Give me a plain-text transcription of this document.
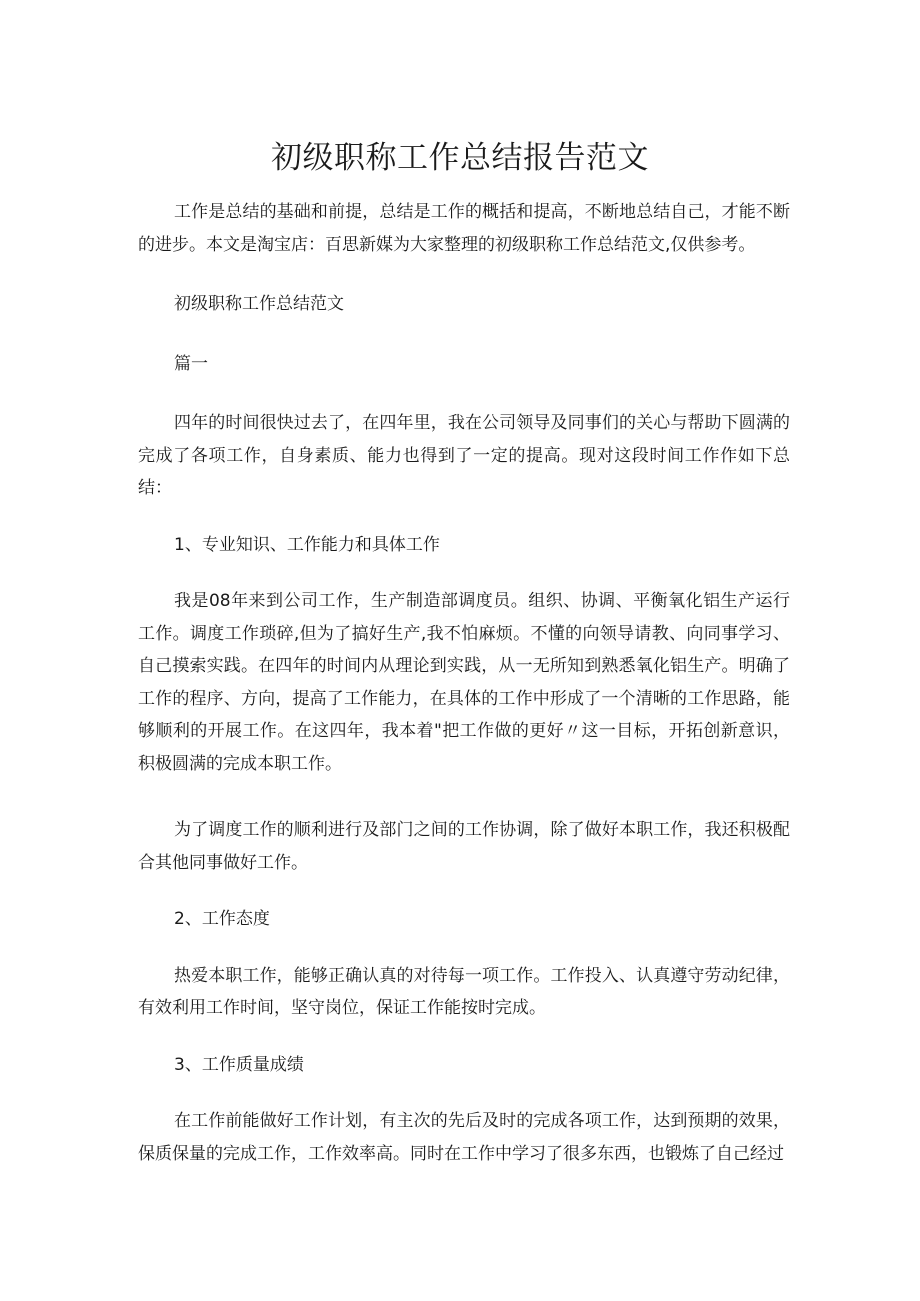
初级职称工作总结报告范文

工作是总结的基础和前提，总结是工作的概括和提高，不断地总结自己，才能不断的进步。本文是淘宝店：百思新媒为大家整理的初级职称工作总结范文,仅供参考。

初级职称工作总结范文

篇一

四年的时间很快过去了，在四年里，我在公司领导及同事们的关心与帮助下圆满的完成了各项工作，自身素质、能力也得到了一定的提高。现对这段时间工作作如下总结：

1、专业知识、工作能力和具体工作

我是08年来到公司工作，生产制造部调度员。组织、协调、平衡氧化铝生产运行工作。调度工作琐碎,但为了搞好生产,我不怕麻烦。不懂的向领导请教、向同事学习、自己摸索实践。在四年的时间内从理论到实践，从一无所知到熟悉氧化铝生产。明确了工作的程序、方向，提高了工作能力，在具体的工作中形成了一个清晰的工作思路，能够顺利的开展工作。在这四年，我本着"把工作做的更好〃这一目标，开拓创新意识，积极圆满的完成本职工作。

为了调度工作的顺利进行及部门之间的工作协调，除了做好本职工作，我还积极配合其他同事做好工作。

2、工作态度

热爱本职工作，能够正确认真的对待每一项工作。工作投入、认真遵守劳动纪律，有效利用工作时间，坚守岗位，保证工作能按时完成。

3、工作质量成绩

在工作前能做好工作计划，有主次的先后及时的完成各项工作，达到预期的效果，保质保量的完成工作，工作效率高。同时在工作中学习了很多东西，也锻炼了自己经过
